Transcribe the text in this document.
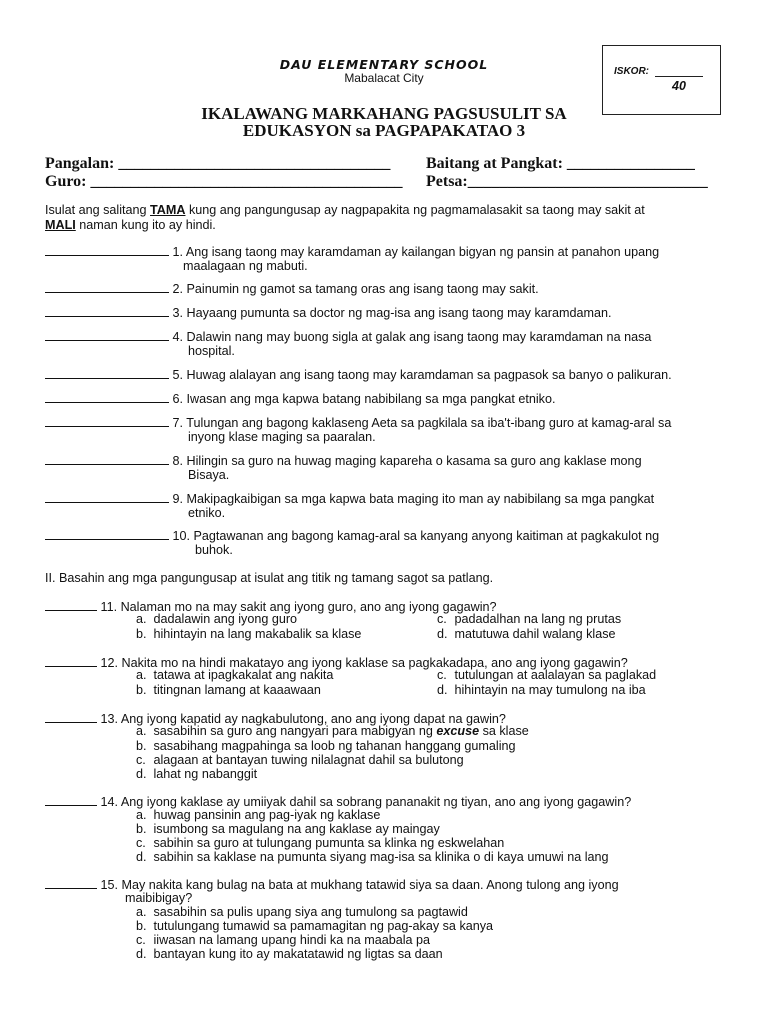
DAU ELEMENTARY SCHOOL
Mabalacat City	ISKOR:
40
IKALAWANG MARKAHANG PAGSUSULIT SA
EDUKASYON sa PAGPAPAKATAO 3
Pangalan: __________________________________ Baitang at Pangkat: ________________
Guro: _______________________________________ Petsa:______________________________
Isulat ang salitang TAMA kung ang pangungusap ay nagpapakita ng pagmamalasakit sa taong may sakit at
MALI naman kung ito ay hindi.
1. Ang isang taong may karamdaman ay kailangan bigyan ng pansin at panahon upang
maalagaan ng mabuti.
2. Painumin ng gamot sa tamang oras ang isang taong may sakit.
3. Hayaang pumunta sa doctor ng mag-isa ang isang taong may karamdaman.
4. Dalawin nang may buong sigla at galak ang isang taong may karamdaman na nasa
hospital.
5. Huwag alalayan ang isang taong may karamdaman sa pagpasok sa banyo o palikuran.
6. Iwasan ang mga kapwa batang nabibilang sa mga pangkat etniko.
7. Tulungan ang bagong kaklaseng Aeta sa pagkilala sa iba't-ibang guro at kamag-aral sa
inyong klase maging sa paaralan.
8. Hilingin sa guro na huwag maging kapareha o kasama sa guro ang kaklase mong
Bisaya.
9. Makipagkaibigan sa mga kapwa bata maging ito man ay nabibilang sa mga pangkat
etniko.
10. Pagtawanan ang bagong kamag-aral sa kanyang anyong kaitiman at pagkakulot ng
buhok.
II. Basahin ang mga pangungusap at isulat ang titik ng tamang sagot sa patlang.
11. Nalaman mo na may sakit ang iyong guro, ano ang iyong gagawin?
a. dadalawin ang iyong guro	c. padadalhan na lang ng prutas
b. hihintayin na lang makabalik sa klase	d. matutuwa dahil walang klase
12. Nakita mo na hindi makatayo ang iyong kaklase sa pagkakadapa, ano ang iyong gagawin?
a. tatawa at ipagkakalat ang nakita	c. tutulungan at aalalayan sa paglakad
b. titingnan lamang at kaaawaan	d. hihintayin na may tumulong na iba
13. Ang iyong kapatid ay nagkabulutong, ano ang iyong dapat na gawin?
a. sasabihin sa guro ang nangyari para mabigyan ng excuse sa klase
b. sasabihang magpahinga sa loob ng tahanan hanggang gumaling
c. alagaan at bantayan tuwing nilalagnat dahil sa bulutong
d. lahat ng nabanggit
14. Ang iyong kaklase ay umiiyak dahil sa sobrang pananakit ng tiyan, ano ang iyong gagawin?
a. huwag pansinin ang pag-iyak ng kaklase
b. isumbong sa magulang na ang kaklase ay maingay
c. sabihin sa guro at tulungang pumunta sa klinka ng eskwelahan
d. sabihin sa kaklase na pumunta siyang mag-isa sa klinika o di kaya umuwi na lang
15. May nakita kang bulag na bata at mukhang tatawid siya sa daan. Anong tulong ang iyong
maibibigay?
a. sasabihin sa pulis upang siya ang tumulong sa pagtawid
b. tutulungang tumawid sa pamamagitan ng pag-akay sa kanya
c. iiwasan na lamang upang hindi ka na maabala pa
d. bantayan kung ito ay makatatawid ng ligtas sa daan
